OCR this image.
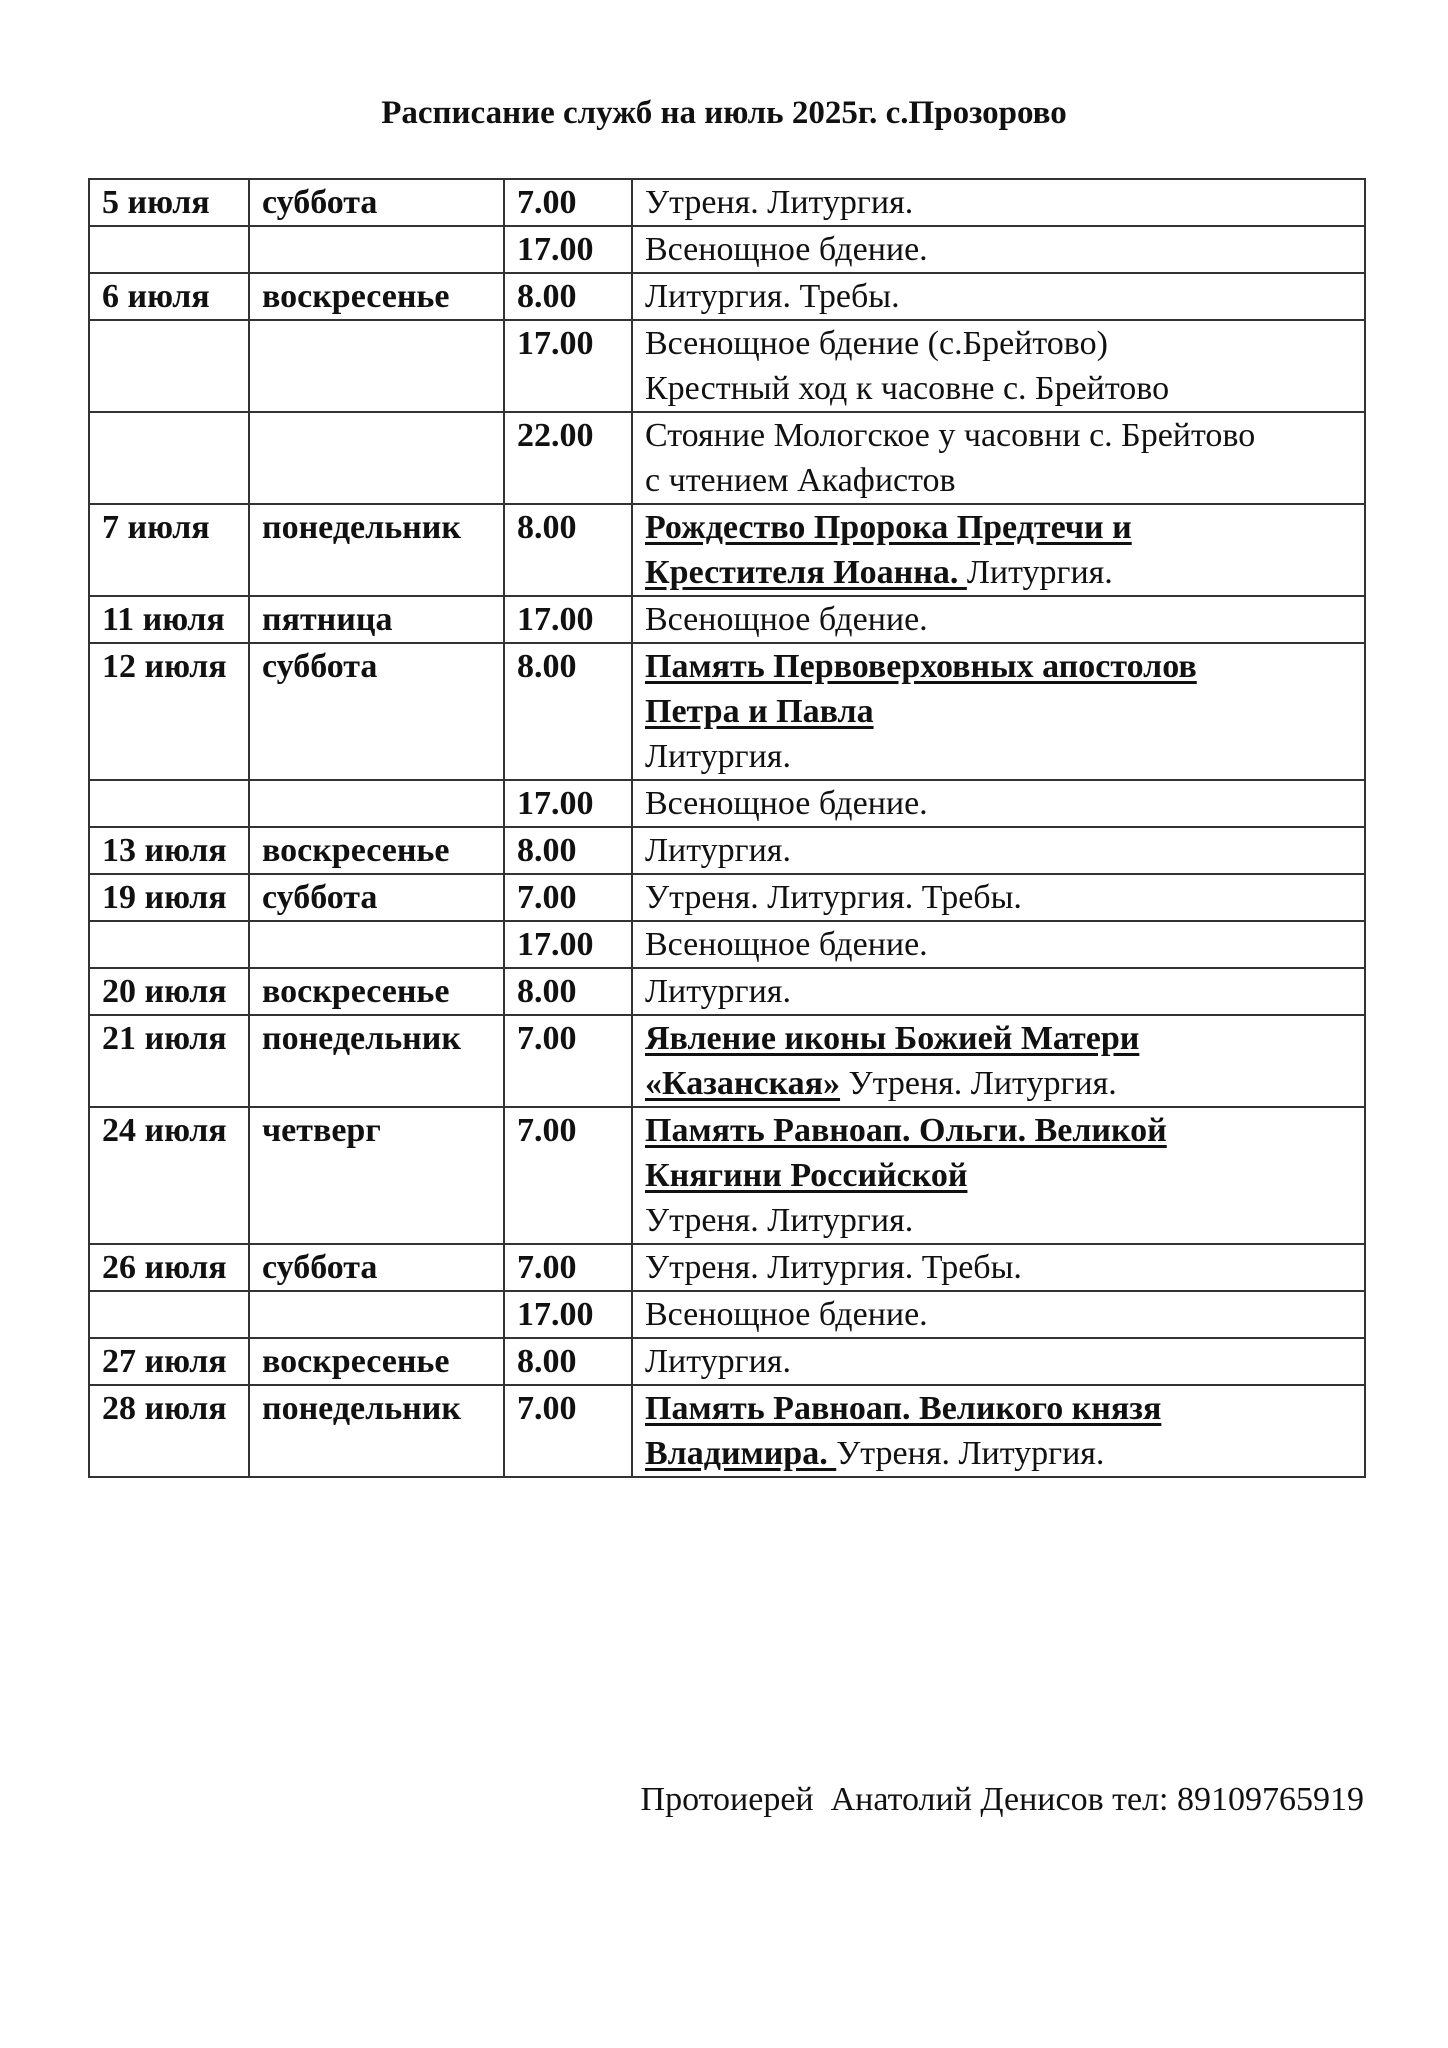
Расписание служб на июль 2025г. с.Прозорово
5 июля	суббота	7.00	Утреня. Литургия.

		17.00	Всенощное бдение.

6 июля	воскресенье	8.00	Литургия. Требы.

		17.00	Всенощное бдение (с.Брейтово)
Крестный ход к часовне с. Брейтово

		22.00	Стояние Мологское у часовни с. Брейтово
с чтением Акафистов

7 июля	понедельник	8.00	Рождество Пророка Предтечи и
Крестителя Иоанна. Литургия.

11 июля	пятница	17.00	Всенощное бдение.

12 июля	суббота	8.00	Память Первоверховных апостолов
Петра и Павла
Литургия.

		17.00	Всенощное бдение.

13 июля	воскресенье	8.00	Литургия.

19 июля	суббота	7.00	Утреня. Литургия. Требы.

		17.00	Всенощное бдение.

20 июля	воскресенье	8.00	Литургия.

21 июля	понедельник	7.00	Явление иконы Божией Матери
«Казанская» Утреня. Литургия.

24 июля	четверг	7.00	Память Равноап. Ольги. Великой
Княгини Российской
Утреня. Литургия.

26 июля	суббота	7.00	Утреня. Литургия. Требы.

		17.00	Всенощное бдение.

27 июля	воскресенье	8.00	Литургия.

28 июля	понедельник	7.00	Память Равноап. Великого князя
Владимира. Утреня. Литургия.
Протоиерей  Анатолий Денисов тел: 89109765919
